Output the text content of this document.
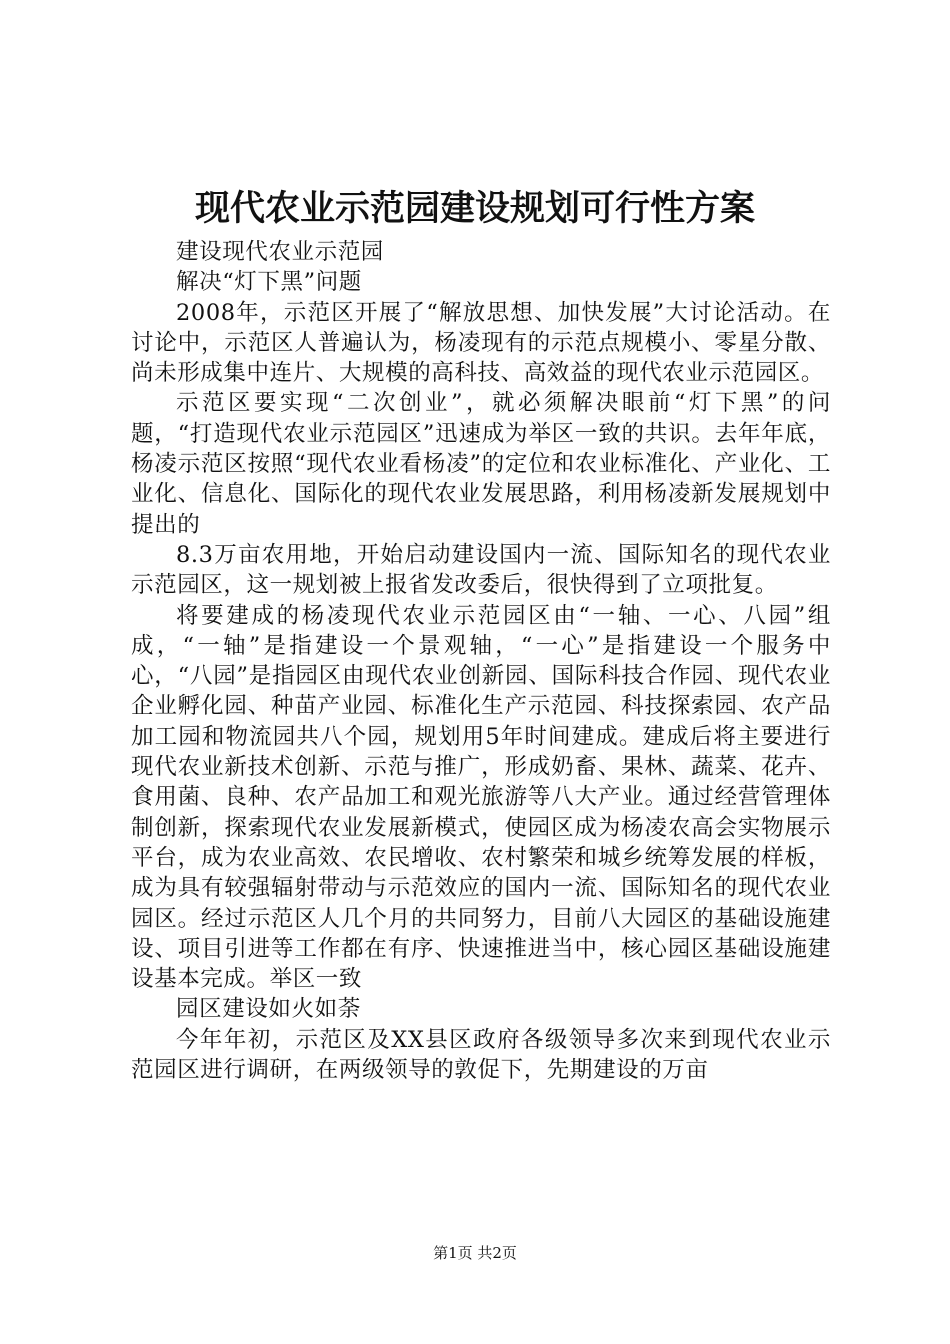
现代农业示范园建设规划可行性方案

建设现代农业示范园

解决“灯下黑”问题

2008年，示范区开展了“解放思想、加快发展”大讨论活动。在讨论中，示范区人普遍认为，杨凌现有的示范点规模小、零星分散、尚未形成集中连片、大规模的高科技、高效益的现代农业示范园区。

示范区要实现“二次创业”，就必须解决眼前“灯下黑”的问题，“打造现代农业示范园区”迅速成为举区一致的共识。去年年底，杨凌示范区按照“现代农业看杨凌”的定位和农业标准化、产业化、工业化、信息化、国际化的现代农业发展思路，利用杨凌新发展规划中提出的

8.3万亩农用地，开始启动建设国内一流、国际知名的现代农业示范园区，这一规划被上报省发改委后，很快得到了立项批复。

将要建成的杨凌现代农业示范园区由“一轴、一心、八园”组成，“一轴”是指建设一个景观轴，“一心”是指建设一个服务中心，“八园”是指园区由现代农业创新园、国际科技合作园、现代农业企业孵化园、种苗产业园、标准化生产示范园、科技探索园、农产品加工园和物流园共八个园，规划用5年时间建成。建成后将主要进行现代农业新技术创新、示范与推广，形成奶畜、果林、蔬菜、花卉、食用菌、良种、农产品加工和观光旅游等八大产业。通过经营管理体制创新，探索现代农业发展新模式，使园区成为杨凌农高会实物展示平台，成为农业高效、农民增收、农村繁荣和城乡统筹发展的样板，成为具有较强辐射带动与示范效应的国内一流、国际知名的现代农业园区。经过示范区人几个月的共同努力，目前八大园区的基础设施建设、项目引进等工作都在有序、快速推进当中，核心园区基础设施建设基本完成。举区一致

园区建设如火如荼

今年年初，示范区及XX县区政府各级领导多次来到现代农业示范园区进行调研，在两级领导的敦促下，先期建设的万亩

第1页 共2页
